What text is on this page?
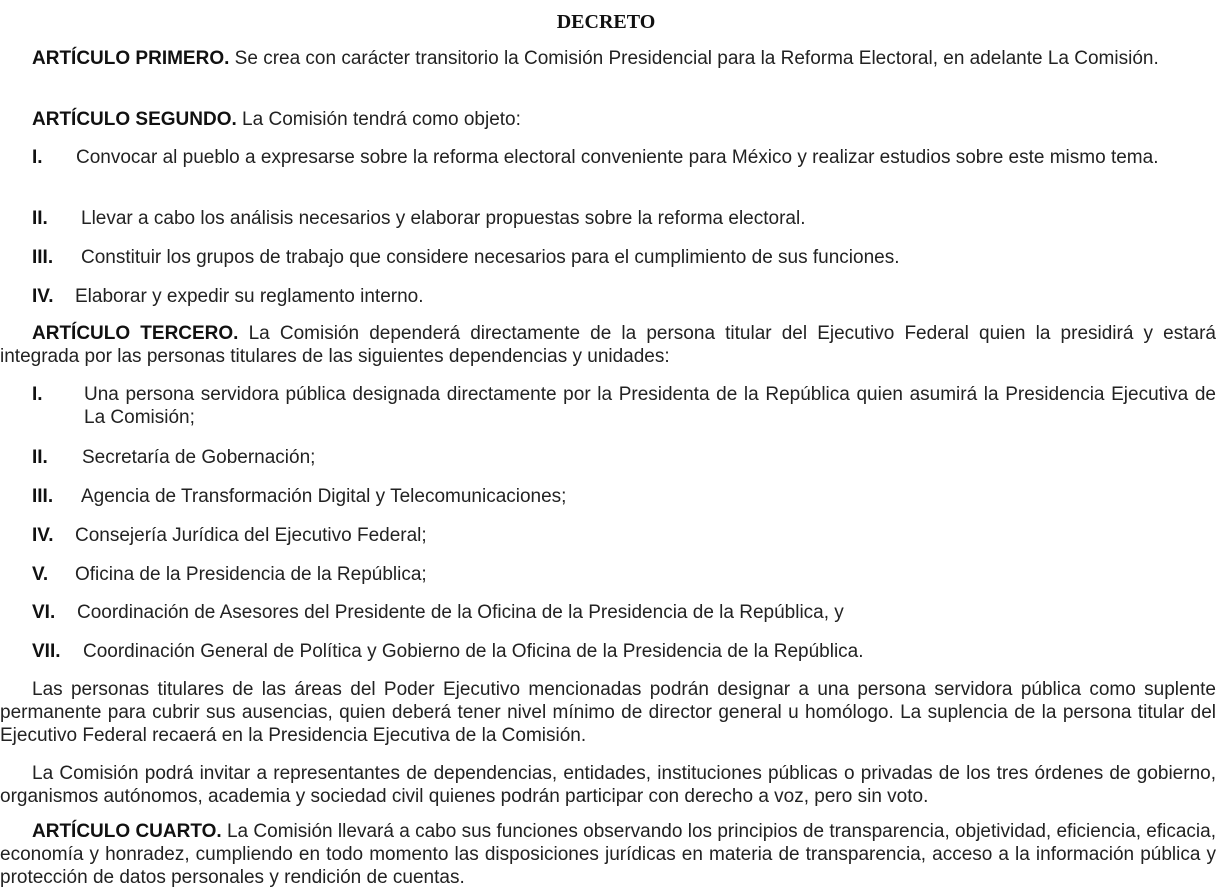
DECRETO

ARTÍCULO PRIMERO. Se crea con carácter transitorio la Comisión Presidencial para la Reforma Electoral, en adelante La Comisión.

ARTÍCULO SEGUNDO. La Comisión tendrá como objeto:

I.	Convocar al pueblo a expresarse sobre la reforma electoral conveniente para México y realizar estudios sobre este mismo tema.
II.	Llevar a cabo los análisis necesarios y elaborar propuestas sobre la reforma electoral.
III.	Constituir los grupos de trabajo que considere necesarios para el cumplimiento de sus funciones.
IV.	Elaborar y expedir su reglamento interno.

ARTÍCULO TERCERO. La Comisión dependerá directamente de la persona titular del Ejecutivo Federal quien la presidirá y estará integrada por las personas titulares de las siguientes dependencias y unidades:

I.	Una persona servidora pública designada directamente por la Presidenta de la República quien asumirá la Presidencia Ejecutiva de La Comisión;
II.	Secretaría de Gobernación;
III.	Agencia de Transformación Digital y Telecomunicaciones;
IV.	Consejería Jurídica del Ejecutivo Federal;
V.	Oficina de la Presidencia de la República;
VI.	Coordinación de Asesores del Presidente de la Oficina de la Presidencia de la República, y
VII.	Coordinación General de Política y Gobierno de la Oficina de la Presidencia de la República.

Las personas titulares de las áreas del Poder Ejecutivo mencionadas podrán designar a una persona servidora pública como suplente permanente para cubrir sus ausencias, quien deberá tener nivel mínimo de director general u homólogo. La suplencia de la persona titular del Ejecutivo Federal recaerá en la Presidencia Ejecutiva de la Comisión.

La Comisión podrá invitar a representantes de dependencias, entidades, instituciones públicas o privadas de los tres órdenes de gobierno, organismos autónomos, academia y sociedad civil quienes podrán participar con derecho a voz, pero sin voto.

ARTÍCULO CUARTO. La Comisión llevará a cabo sus funciones observando los principios de transparencia, objetividad, eficiencia, eficacia, economía y honradez, cumpliendo en todo momento las disposiciones jurídicas en materia de transparencia, acceso a la información pública y protección de datos personales y rendición de cuentas.
